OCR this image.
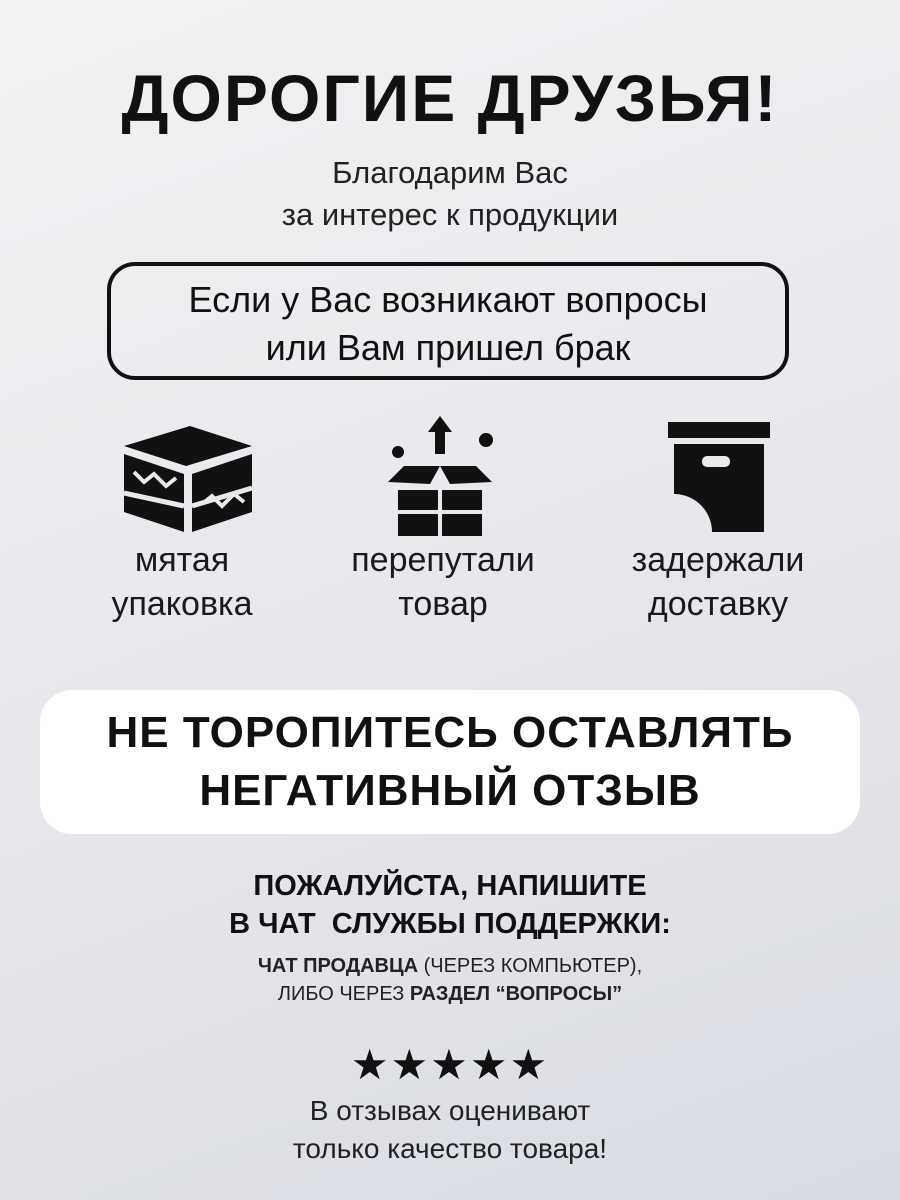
ДОРОГИЕ ДРУЗЬЯ!
Благодарим Вас
за интерес к продукции
Если у Вас возникают вопросы
или Вам пришел брак
мятая
упаковка
перепутали
товар
задержали
доставку
НЕ ТОРОПИТЕСЬ ОСТАВЛЯТЬ
НЕГАТИВНЫЙ ОТЗЫВ
ПОЖАЛУЙСТА, НАПИШИТЕ
В ЧАТ  СЛУЖБЫ ПОДДЕРЖКИ:
ЧАТ ПРОДАВЦА (ЧЕРЕЗ КОМПЬЮТЕР),
ЛИБО ЧЕРЕЗ РАЗДЕЛ “ВОПРОСЫ”
★★★★★
В отзывах оценивают
только качество товара!
